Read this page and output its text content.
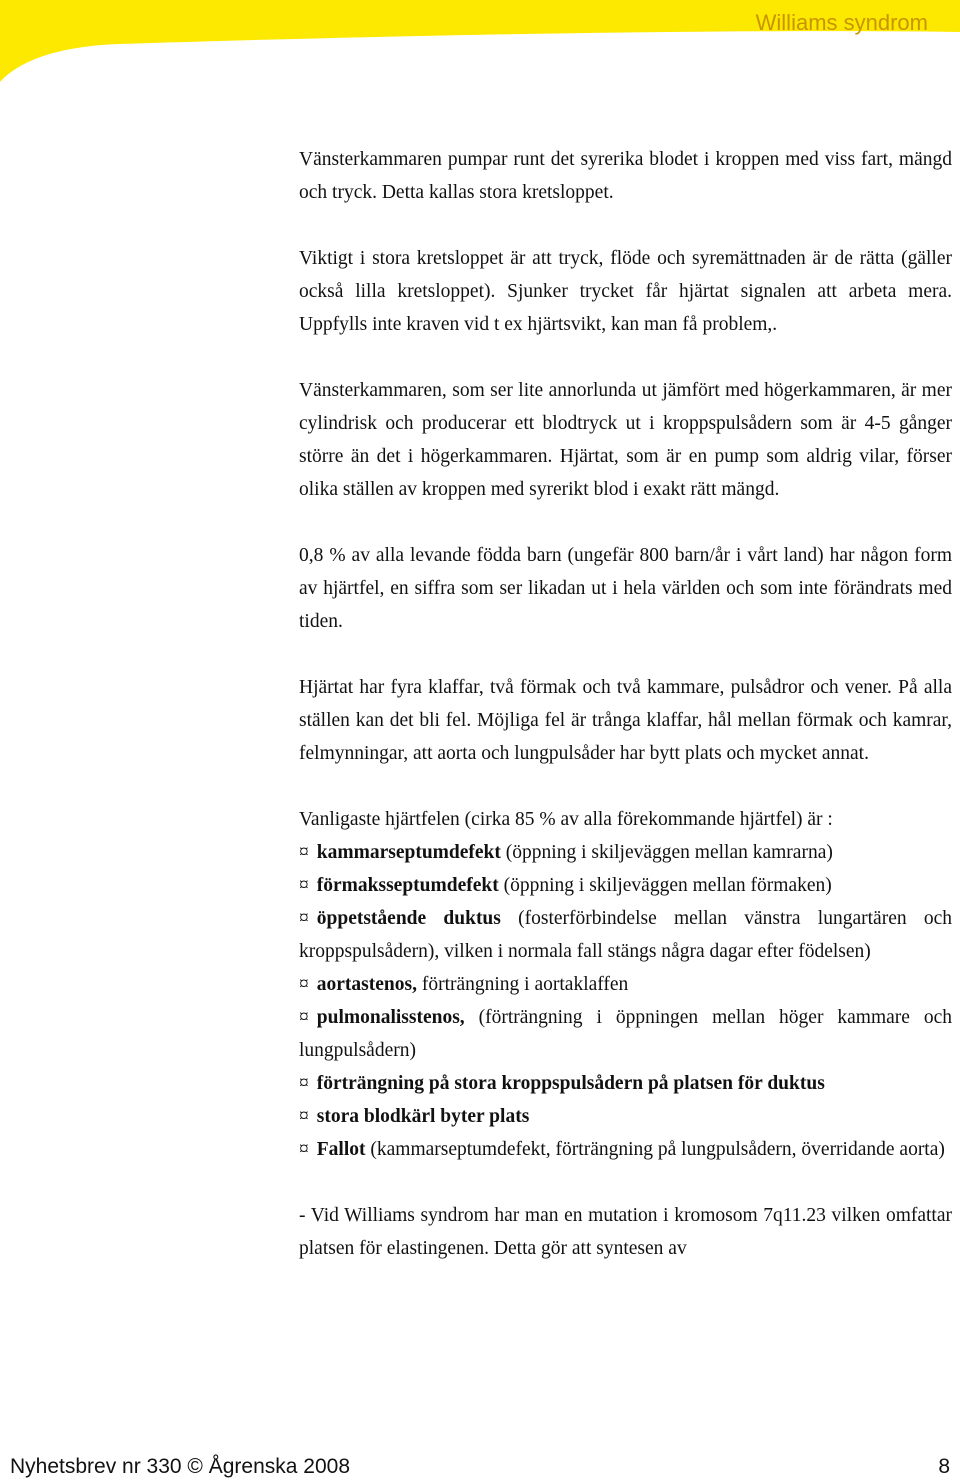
Williams syndrom

Vänsterkammaren pumpar runt det syrerika blodet i kroppen med viss fart, mängd och tryck. Detta kallas stora kretsloppet.

Viktigt i stora kretsloppet är att tryck, flöde och syremättnaden är de rätta (gäller också lilla kretsloppet). Sjunker trycket får hjärtat signalen att arbeta mera. Uppfylls inte kraven vid t ex hjärtsvikt, kan man få problem,.

Vänsterkammaren, som ser lite annorlunda ut jämfört med högerkammaren, är mer cylindrisk och producerar ett blodtryck ut i kroppspulsådern som är 4-5 gånger större än det i högerkammaren. Hjärtat, som är en pump som aldrig vilar, förser olika ställen av kroppen med syrerikt blod i exakt rätt mängd.

0,8 % av alla levande födda barn (ungefär 800 barn/år i vårt land) har någon form av hjärtfel, en siffra som ser likadan ut i hela världen och som inte förändrats med tiden.

Hjärtat har fyra klaffar, två förmak och två kammare, pulsådror och vener. På alla ställen kan det bli fel. Möjliga fel är trånga klaffar, hål mellan förmak och kamrar, felmynningar, att aorta och lungpulsåder har bytt plats och mycket annat.

Vanligaste hjärtfelen (cirka 85 % av alla förekommande hjärtfel) är :

¤ kammarseptumdefekt (öppning i skiljeväggen mellan kamrarna)

¤ förmaksseptumdefekt (öppning i skiljeväggen mellan förmaken)

¤ öppetstående duktus (fosterförbindelse mellan vänstra lungartären och kroppspulsådern), vilken i normala fall stängs några dagar efter födelsen)

¤ aortastenos, förträngning i aortaklaffen

¤ pulmonalisstenos, (förträngning i öppningen mellan höger kammare och lungpulsådern)

¤ förträngning på stora kroppspulsådern på platsen för duktus

¤ stora blodkärl byter plats

¤ Fallot (kammarseptumdefekt, förträngning på lungpulsådern, överridande aorta)

- Vid Williams syndrom har man en mutation i kromosom 7q11.23 vilken omfattar platsen för elastingenen. Detta gör att syntesen av

Nyhetsbrev nr 330 © Ågrenska 2008	8
